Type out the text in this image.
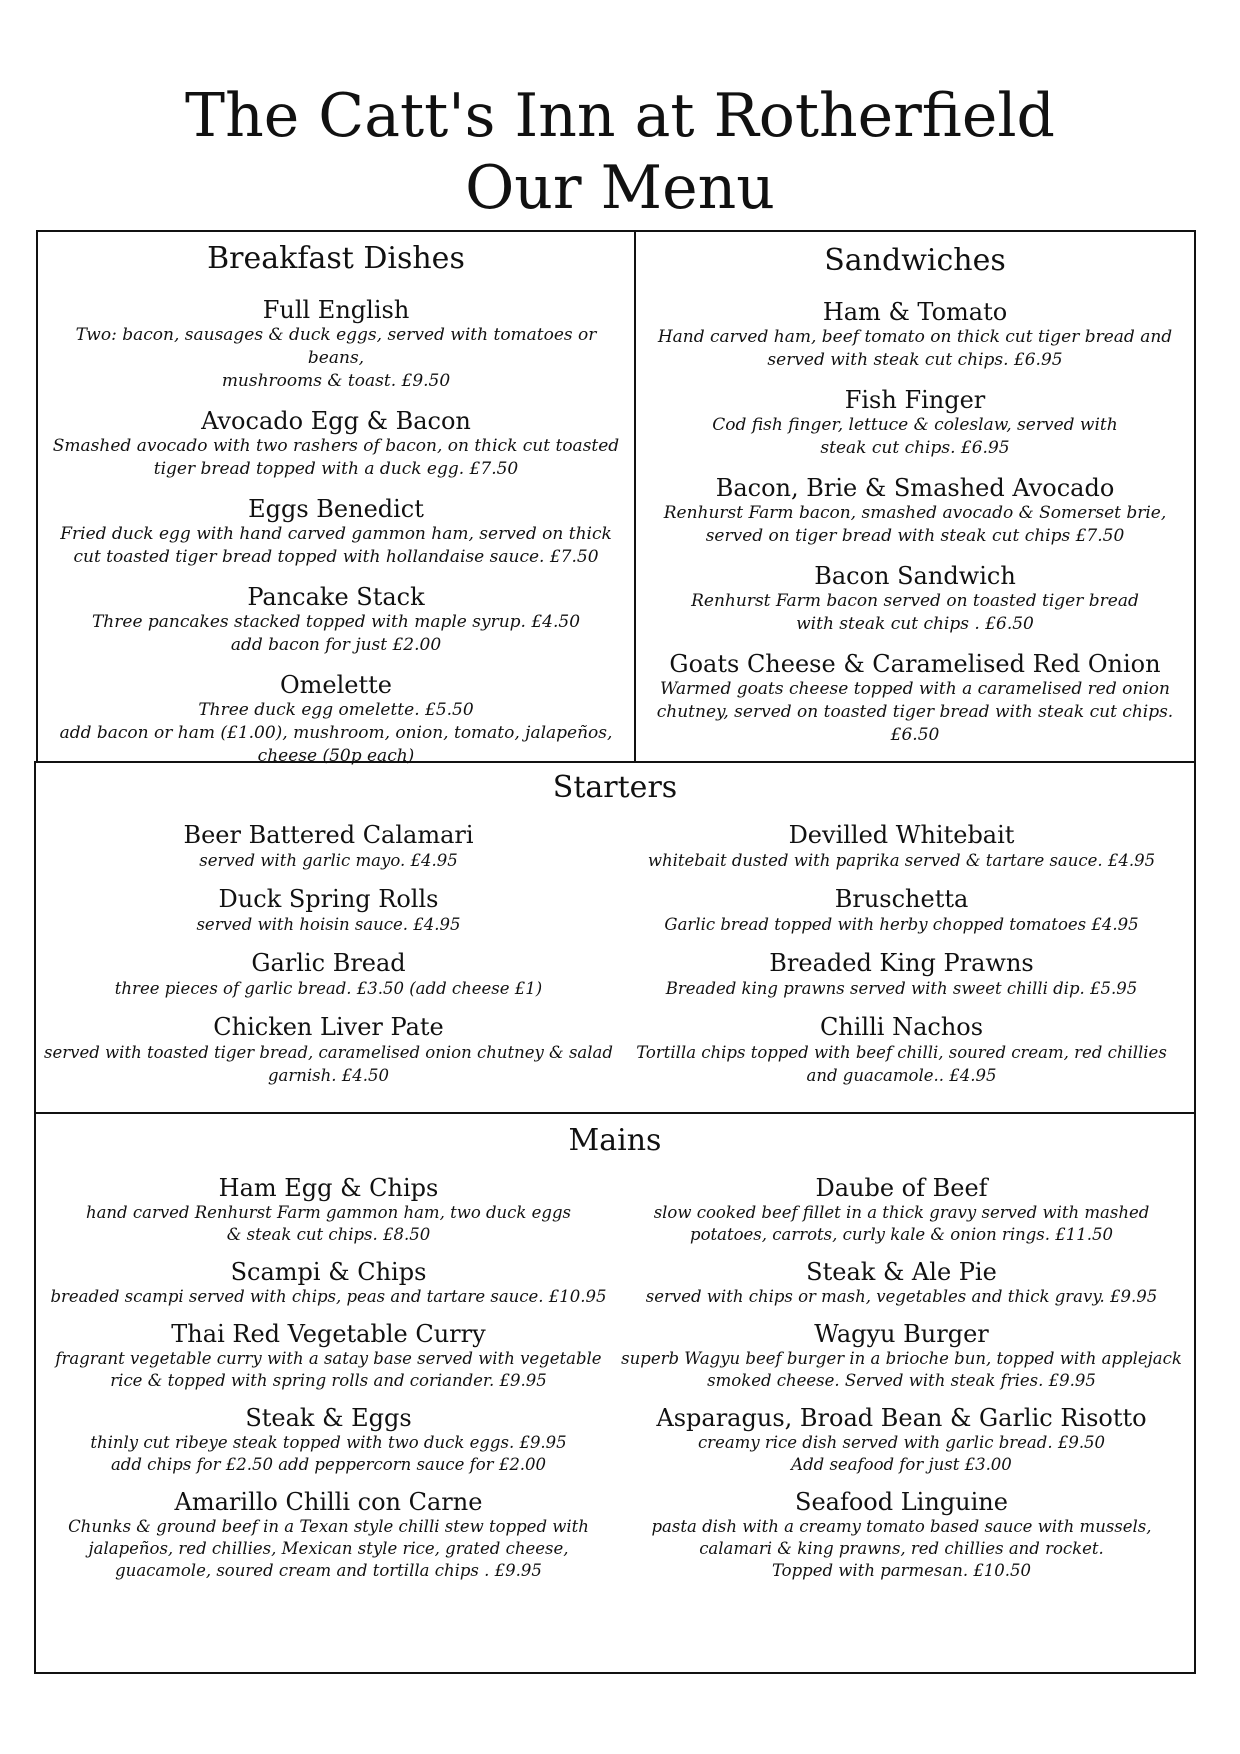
The Catt's Inn at Rotherfield
Our Menu
Breakfast Dishes
Full English
Two: bacon, sausages & duck eggs, served with tomatoes or beans,
mushrooms & toast. £9.50
Avocado Egg & Bacon
Smashed avocado with two rashers of bacon, on thick cut toasted
tiger bread topped with a duck egg. £7.50
Eggs Benedict
Fried duck egg with hand carved gammon ham, served on thick
cut toasted tiger bread topped with hollandaise sauce. £7.50
Pancake Stack
Three pancakes stacked topped with maple syrup. £4.50
add bacon for just £2.00
Omelette
Three duck egg omelette. £5.50
add bacon or ham (£1.00), mushroom, onion, tomato, jalapeños,
cheese (50p each)
Sandwiches
Ham & Tomato
Hand carved ham, beef tomato on thick cut tiger bread and
served with steak cut chips. £6.95
Fish Finger
Cod fish finger, lettuce & coleslaw, served with
steak cut chips. £6.95
Bacon, Brie & Smashed Avocado
Renhurst Farm bacon, smashed avocado & Somerset brie,
served on tiger bread with steak cut chips £7.50
Bacon Sandwich
Renhurst Farm bacon served on toasted tiger bread
with steak cut chips . £6.50
Goats Cheese & Caramelised Red Onion
Warmed goats cheese topped with a caramelised red onion
chutney, served on toasted tiger bread with steak cut chips.
£6.50
Starters
Beer Battered Calamari
served with garlic mayo. £4.95
Duck Spring Rolls
served with hoisin sauce. £4.95
Garlic Bread
three pieces of garlic bread. £3.50 (add cheese £1)
Chicken Liver Pate
served with toasted tiger bread, caramelised onion chutney & salad
garnish. £4.50
Devilled Whitebait
whitebait dusted with paprika served & tartare sauce. £4.95
Bruschetta
Garlic bread topped with herby chopped tomatoes £4.95
Breaded King Prawns
Breaded king prawns served with sweet chilli dip. £5.95
Chilli Nachos
Tortilla chips topped with beef chilli, soured cream, red chillies
and guacamole.. £4.95
Mains
Ham Egg & Chips
hand carved Renhurst Farm gammon ham, two duck eggs
& steak cut chips. £8.50
Scampi & Chips
breaded scampi served with chips, peas and tartare sauce. £10.95
Thai Red Vegetable Curry
fragrant vegetable curry with a satay base served with vegetable
rice & topped with spring rolls and coriander. £9.95
Steak & Eggs
thinly cut ribeye steak topped with two duck eggs. £9.95
add chips for £2.50 add peppercorn sauce for £2.00
Amarillo Chilli con Carne
Chunks & ground beef in a Texan style chilli stew topped with
jalapeños, red chillies, Mexican style rice, grated cheese,
guacamole, soured cream and tortilla chips . £9.95
Daube of Beef
slow cooked beef fillet in a thick gravy served with mashed
potatoes, carrots, curly kale & onion rings. £11.50
Steak & Ale Pie
served with chips or mash, vegetables and thick gravy. £9.95
Wagyu Burger
superb Wagyu beef burger in a brioche bun, topped with applejack
smoked cheese. Served with steak fries. £9.95
Asparagus, Broad Bean & Garlic Risotto
creamy rice dish served with garlic bread. £9.50
Add seafood for just £3.00
Seafood Linguine
pasta dish with a creamy tomato based sauce with mussels,
calamari & king prawns, red chillies and rocket.
Topped with parmesan. £10.50
